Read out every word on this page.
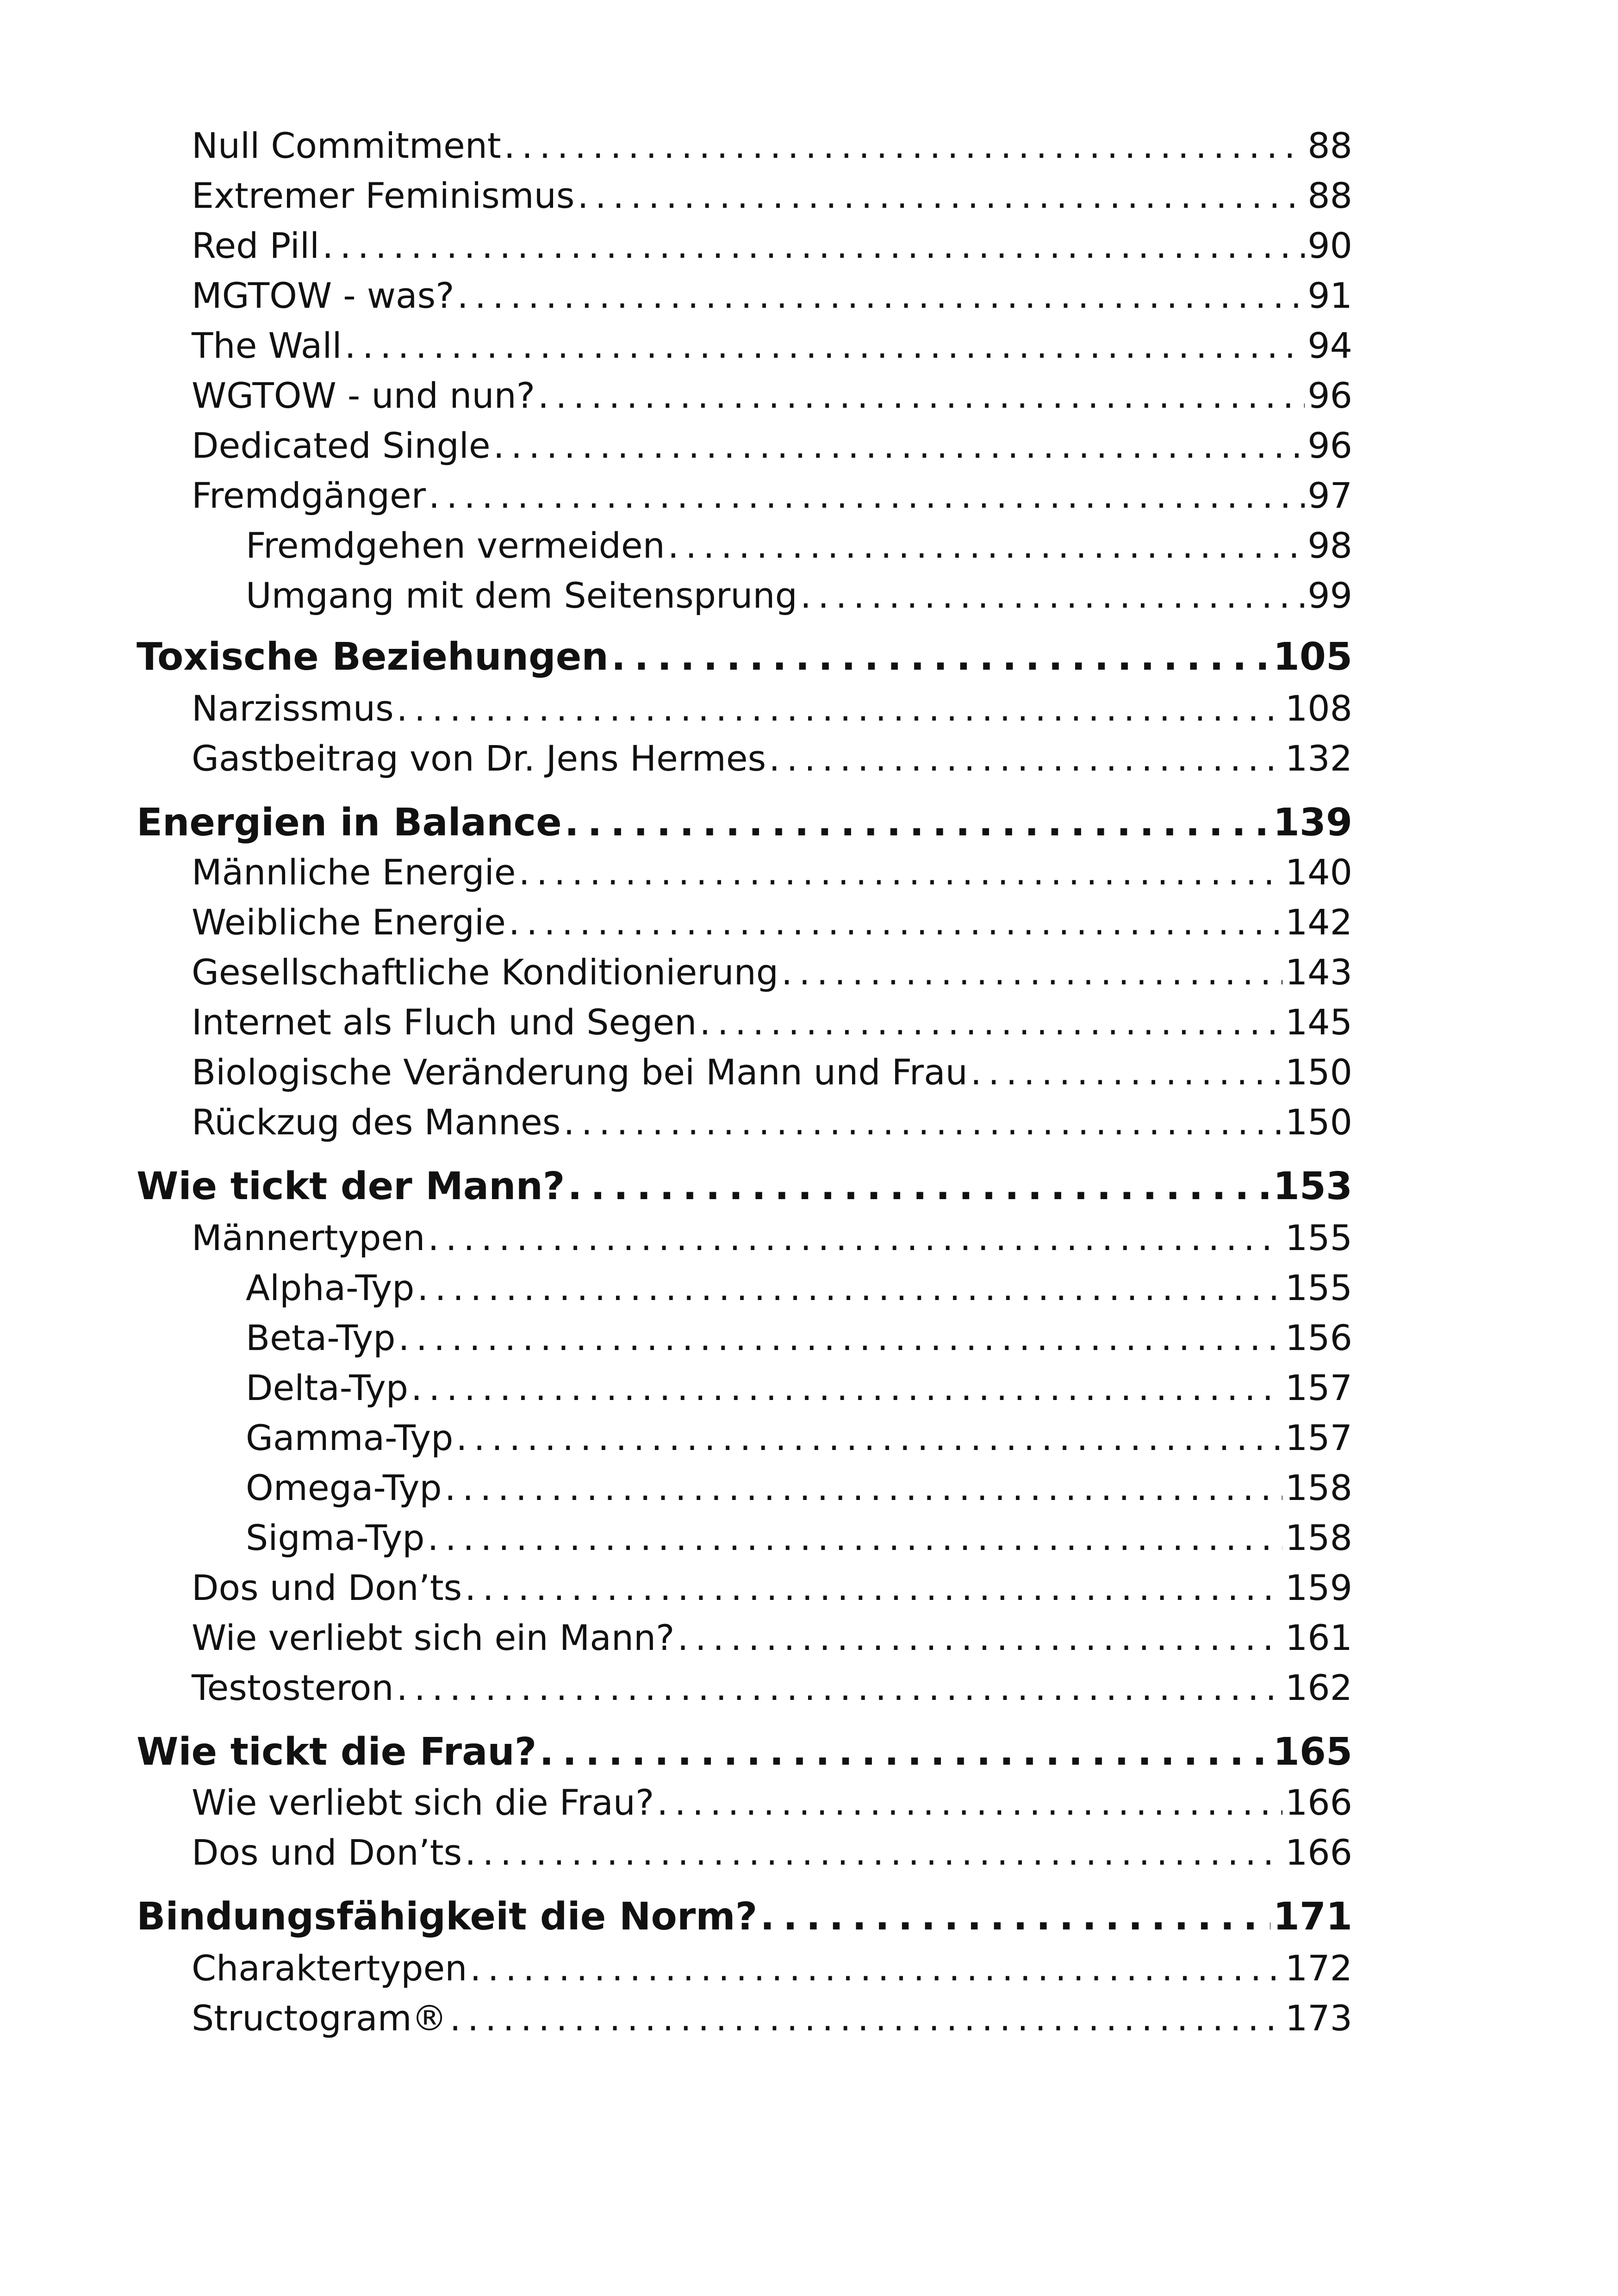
Null Commitment . . .	88
Extremer Feminismus . . .	88
Red Pill . . .	90
MGTOW - was? . . .	91
The Wall . . .	94
WGTOW - und nun? . . .	96
Dedicated Single . . .	96
Fremdgänger . . .	97
Fremdgehen vermeiden . . .	98
Umgang mit dem Seitensprung . . .	99
Toxische Beziehungen . . .	105
Narzissmus . . .	108
Gastbeitrag von Dr. Jens Hermes . . .	132
Energien in Balance . . .	139
Männliche Energie . . .	140
Weibliche Energie . . .	142
Gesellschaftliche Konditionierung . . .	143
Internet als Fluch und Segen . . .	145
Biologische Veränderung bei Mann und Frau . . .	150
Rückzug des Mannes . . .	150
Wie tickt der Mann? . . .	153
Männertypen . . .	155
Alpha-Typ . . .	155
Beta-Typ . . .	156
Delta-Typ . . .	157
Gamma-Typ . . .	157
Omega-Typ . . .	158
Sigma-Typ . . .	158
Dos und Don’ts . . .	159
Wie verliebt sich ein Mann? . . .	161
Testosteron . . .	162
Wie tickt die Frau? . . .	165
Wie verliebt sich die Frau? . . .	166
Dos und Don’ts . . .	166
Bindungsfähigkeit die Norm? . . .	171
Charaktertypen . . .	172
Structogram® . . .	173
